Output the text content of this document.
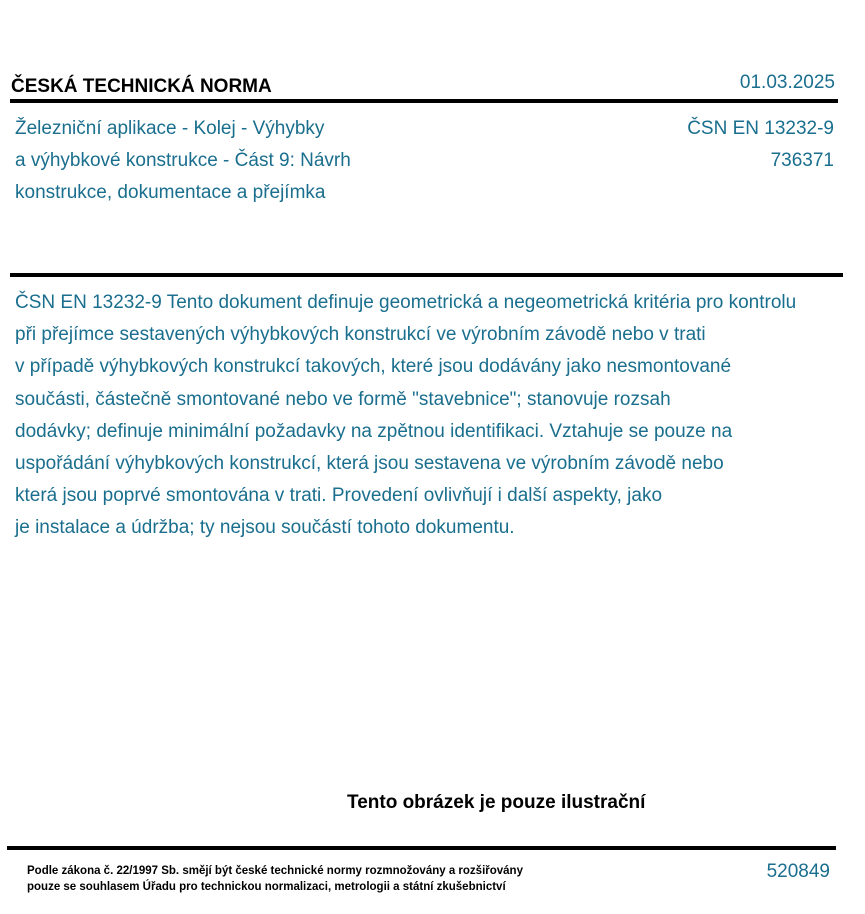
ČESKÁ TECHNICKÁ NORMA	01.03.2025
Železniční aplikace - Kolej - Výhybky
a výhybkové konstrukce - Část 9: Návrh
konstrukce, dokumentace a přejímka
ČSN EN 13232-9
736371
ČSN EN 13232-9 Tento dokument definuje geometrická a negeometrická kritéria pro kontrolu
při přejímce sestavených výhybkových konstrukcí ve výrobním závodě nebo v trati
v případě výhybkových konstrukcí takových, které jsou dodávány jako nesmontované
součásti, částečně smontované nebo ve formě "stavebnice"; stanovuje rozsah
dodávky; definuje minimální požadavky na zpětnou identifikaci. Vztahuje se pouze na
uspořádání výhybkových konstrukcí, která jsou sestavena ve výrobním závodě nebo
která jsou poprvé smontována v trati. Provedení ovlivňují i další aspekty, jako
je instalace a údržba; ty nejsou součástí tohoto dokumentu.
Tento obrázek je pouze ilustrační
Podle zákona č. 22/1997 Sb. smějí být české technické normy rozmnožovány a rozšiřovány
pouze se souhlasem Úřadu pro technickou normalizaci, metrologii a státní zkušebnictví
520849
